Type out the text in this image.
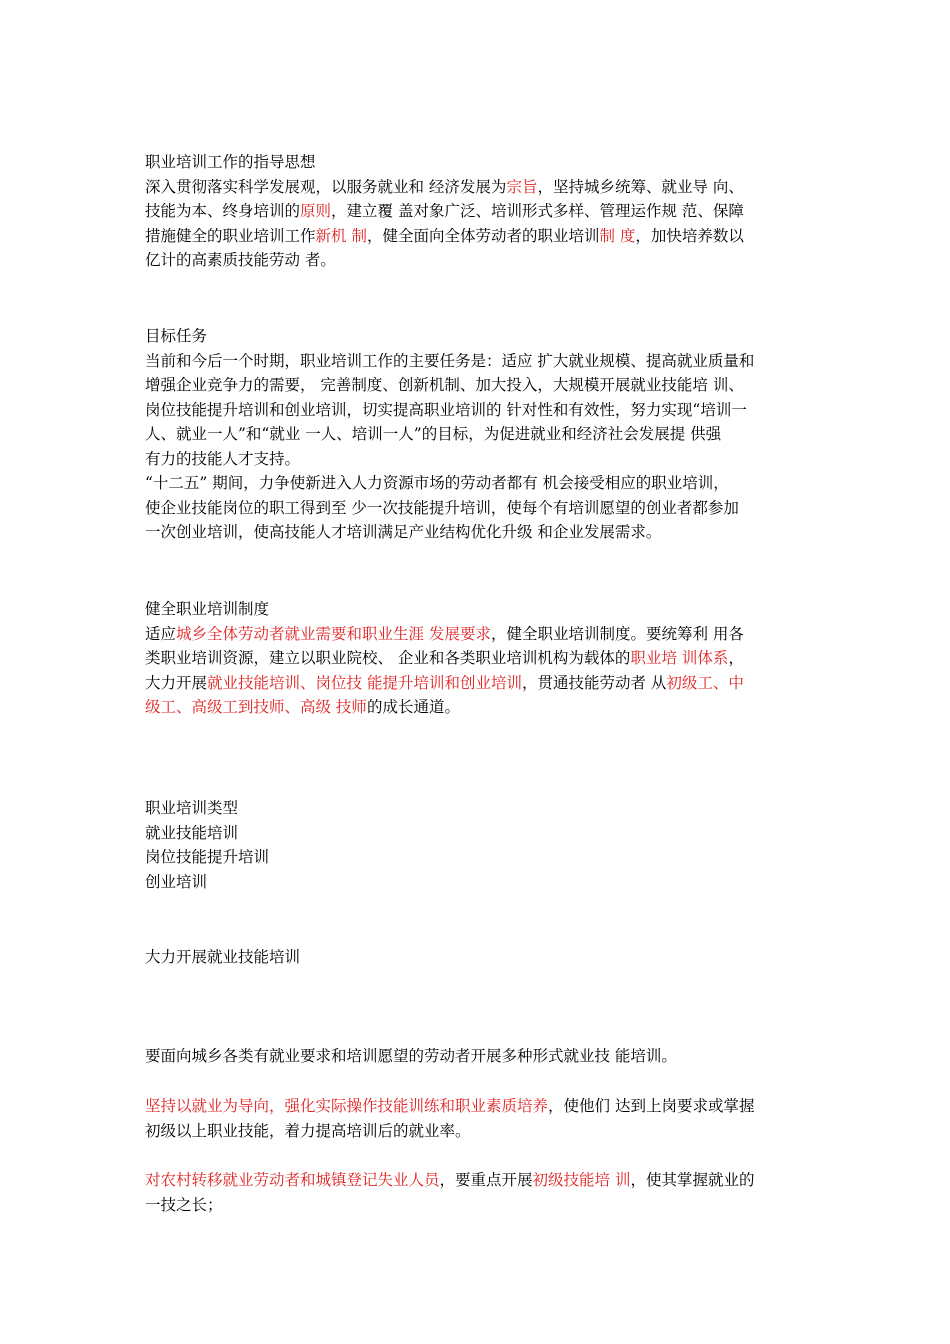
职业培训工作的指导思想
深入贯彻落实科学发展观，以服务就业和 经济发展为宗旨，坚持城乡统筹、就业导 向、
技能为本、终身培训的原则，建立覆 盖对象广泛、培训形式多样、管理运作规 范、保障
措施健全的职业培训工作新机 制，健全面向全体劳动者的职业培训制 度，加快培养数以
亿计的高素质技能劳动 者。
目标任务
当前和今后一个时期，职业培训工作的主要任务是：适应 扩大就业规模、提高就业质量和
增强企业竞争力的需要， 完善制度、创新机制、加大投入，大规模开展就业技能培 训、
岗位技能提升培训和创业培训，切实提高职业培训的 针对性和有效性，努力实现“培训一
人、就业一人”和“就业 一人、培训一人”的目标，为促进就业和经济社会发展提 供强
有力的技能人才支持。
“十二五” 期间，力争使新进入人力资源市场的劳动者都有 机会接受相应的职业培训，
使企业技能岗位的职工得到至 少一次技能提升培训，使每个有培训愿望的创业者都参加
一次创业培训，使高技能人才培训满足产业结构优化升级 和企业发展需求。
健全职业培训制度
适应城乡全体劳动者就业需要和职业生涯 发展要求，健全职业培训制度。要统筹利 用各
类职业培训资源，建立以职业院校、 企业和各类职业培训机构为载体的职业培 训体系，
大力开展就业技能培训、岗位技 能提升培训和创业培训，贯通技能劳动者 从初级工、中
级工、高级工到技师、高级 技师的成长通道。
职业培训类型
就业技能培训
岗位技能提升培训
创业培训
大力开展就业技能培训
要面向城乡各类有就业要求和培训愿望的劳动者开展多种形式就业技 能培训。
坚持以就业为导向，强化实际操作技能训练和职业素质培养，使他们 达到上岗要求或掌握
初级以上职业技能，着力提高培训后的就业率。
对农村转移就业劳动者和城镇登记失业人员，要重点开展初级技能培 训，使其掌握就业的
一技之长；
